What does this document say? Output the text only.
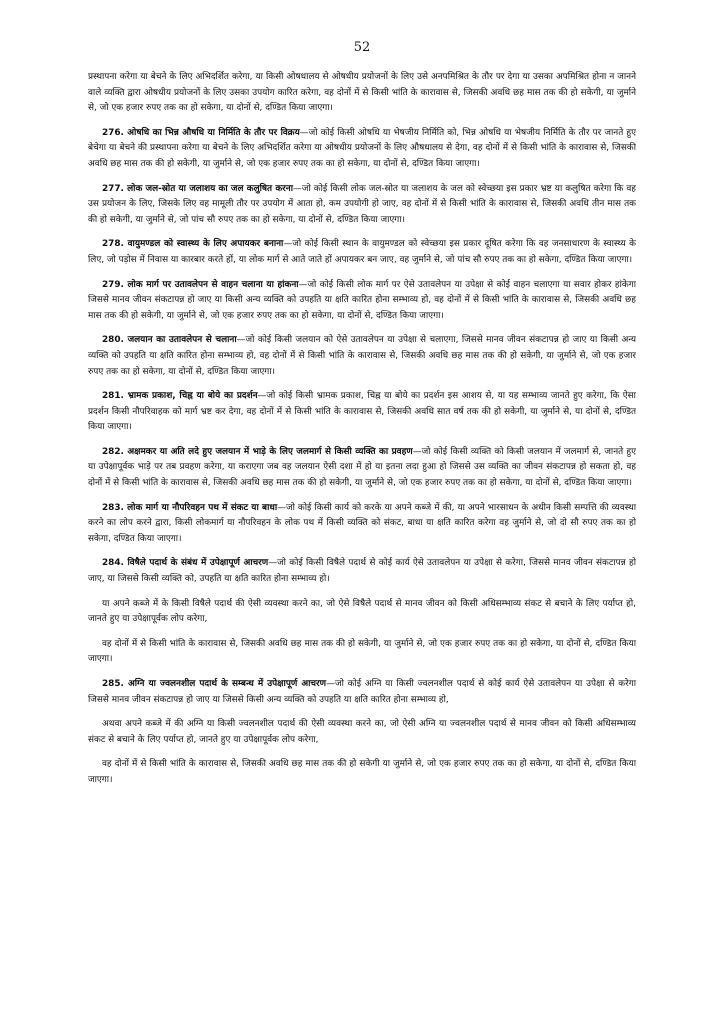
52

प्रस्थापना करेगा या बेचने के लिए अभिदर्शित करेगा, या किसी ओषधालय से ओषधीय प्रयोजनों के लिए उसे अनपमिश्रित के तौर पर देगा या उसका अपमिश्रित होना न जानने वाले व्यक्ति द्वारा ओषधीय प्रयोजनों के लिए उसका उपयोग कारित करेगा, वह दोनों में से किसी भांति के कारावास से, जिसकी अवधि छह मास तक की हो सकेगी, या जुर्माने से, जो एक हजार रुपए तक का हो सकेगा, या दोनों से, दण्डित किया जाएगा।

276. ओषधि का भिन्न औषधि या निर्मिति के तौर पर विक्रय—जो कोई किसी ओषधि या भेषजीय निर्मिति को, भिन्न ओषधि या भेषजीय निर्मिति के तौर पर जानते हुए बेचेगा या बेचने की प्रस्थापना करेगा या बेचने के लिए अभिदर्शित करेगा या ओषधीय प्रयोजनों के लिए औषधालय से देगा, वह दोनों में से किसी भांति के कारावास से, जिसकी अवधि छह मास तक की हो सकेगी, या जुर्माने से, जो एक हजार रुपए तक का हो सकेगा, या दोनों से, दण्डित किया जाएगा।

277. लोक जल-स्रोत या जलाशय का जल कलुषित करना—जो कोई किसी लोक जल-स्रोत या जलाशय के जल को स्वेच्छया इस प्रकार भ्रष्ट या कलुषित करेगा कि वह उस प्रयोजन के लिए, जिसके लिए वह मामूली तौर पर उपयोग में आता हो, कम उपयोगी हो जाए, वह दोनों में से किसी भांति के कारावास से, जिसकी अवधि तीन मास तक की हो सकेगी, या जुर्माने से, जो पांच सौ रुपए तक का हो सकेगा, या दोनों से, दण्डित किया जाएगा।

278. वायुमण्डल को स्वास्थ्य के लिए अपायकर बनाना—जो कोई किसी स्थान के वायुमण्डल को स्वेच्छया इस प्रकार दूषित करेगा कि वह जनसाधारण के स्वास्थ्य के लिए, जो पड़ोस में निवास या कारबार करते हों, या लोक मार्ग से आते जाते हों अपायकर बन जाए, वह जुर्माने से, जो पांच सौ रुपए तक का हो सकेगा, दण्डित किया जाएगा।

279. लोक मार्ग पर उतावलेपन से वाहन चलाना या हांकना—जो कोई किसी लोक मार्ग पर ऐसे उतावलेपन या उपेक्षा से कोई वाहन चलाएगा या सवार होकर हांकेगा जिससे मानव जीवन संकटापन्न हो जाए या किसी अन्य व्यक्ति को उपहति या क्षति कारित होना सम्भाव्य हो, वह दोनों में से किसी भांति के कारावास से, जिसकी अवधि छह मास तक की हो सकेगी, या जुर्माने से, जो एक हजार रुपए तक का हो सकेगा, या दोनों से, दण्डित किया जाएगा।

280. जलयान का उतावलेपन से चलाना—जो कोई किसी जलयान को ऐसे उतावलेपन या उपेक्षा से चलाएगा, जिससे मानव जीवन संकटापन्न हो जाए या किसी अन्य व्यक्ति को उपहति या क्षति कारित होना सम्भाव्य हो, वह दोनों में से किसी भांति के कारावास से, जिसकी अवधि छह मास तक की हो सकेगी, या जुर्माने से, जो एक हजार रुपए तक का हो सकेगा, या दोनों से, दण्डित किया जाएगा।

281. भ्रामक प्रकाश, चिह्न या बोये का प्रदर्शन—जो कोई किसी भ्रामक प्रकाश, चिह्न या बोये का प्रदर्शन इस आशय से, या यह सम्भाव्य जानते हुए करेगा, कि ऐसा प्रदर्शन किसी नौपरिवाहक को मार्ग भ्रष्ट कर देगा, वह दोनों में से किसी भांति के कारावास से, जिसकी अवधि सात वर्ष तक की हो सकेगी, या जुर्माने से, या दोनों से, दण्डित किया जाएगा।

282. अक्षमकर या अति लदे हुए जलयान में भाड़े के लिए जलमार्ग से किसी व्यक्ति का प्रवहण—जो कोई किसी व्यक्ति को किसी जलयान में जलमार्ग से, जानते हुए या उपेक्षापूर्वक भाड़े पर तब प्रवहण करेगा, या कराएगा जब वह जलयान ऐसी दशा में हो या इतना लदा हुआ हो जिससे उस व्यक्ति का जीवन संकटापन्न हो सकता हो, वह दोनों में से किसी भांति के कारावास से, जिसकी अवधि छह मास तक की हो सकेगी, या जुर्माने से, जो एक हजार रुपए तक का हो सकेगा, या दोनों से, दण्डित किया जाएगा।

283. लोक मार्ग या नौपरिवहन पथ में संकट या बाधा—जो कोई किसी कार्य को करके या अपने कब्जे में की, या अपने भारसाधन के अधीन किसी सम्पत्ति की व्यवस्था करने का लोप करने द्वारा, किसी लोकमार्ग या नौपरिवहन के लोक पथ में किसी व्यक्ति को संकट, बाधा या क्षति कारित करेगा वह जुर्माने से, जो दो सौ रुपए तक का हो सकेगा, दण्डित किया जाएगा।

284. विषैले पदार्थ के संबंध में उपेक्षापूर्ण आचरण—जो कोई किसी विषैले पदार्थ से कोई कार्य ऐसे उतावलेपन या उपेक्षा से करेगा, जिससे मानव जीवन संकटापन्न हो जाए, या जिससे किसी व्यक्ति को, उपहति या क्षति कारित होना सम्भाव्य हो।

या अपने कब्जे में के किसी विषैले पदार्थ की ऐसी व्यवस्था करने का, जो ऐसे विषैले पदार्थ से मानव जीवन को किसी अधिसम्भाव्य संकट से बचाने के लिए पर्याप्त हो, जानते हुए या उपेक्षापूर्वक लोप करेगा,

वह दोनों में से किसी भांति के कारावास से, जिसकी अवधि छह मास तक की हो सकेगी, या जुर्माने से, जो एक हजार रुपए तक का हो सकेगा, या दोनों से, दण्डित किया जाएगा।

285. अग्नि या ज्वलनशील पदार्थ के सम्बन्ध में उपेक्षापूर्ण आचरण—जो कोई अग्नि या किसी ज्वलनशील पदार्थ से कोई कार्य ऐसे उतावलेपन या उपेक्षा से करेगा जिससे मानव जीवन संकटापन्न हो जाए या जिससे किसी अन्य व्यक्ति को उपहति या क्षति कारित होना सम्भाव्य हो,

अथवा अपने कब्जे में की अग्नि या किसी ज्वलनशील पदार्थ की ऐसी व्यवस्था करने का, जो ऐसी अग्नि या ज्वलनशील पदार्थ से मानव जीवन को किसी अधिसम्भाव्य संकट से बचाने के लिए पर्याप्त हो, जानते हुए या उपेक्षापूर्वक लोप करेगा,

वह दोनों में से किसी भांति के कारावास से, जिसकी अवधि छह मास तक की हो सकेगी या जुर्माने से, जो एक हजार रुपए तक का हो सकेगा, या दोनों से, दण्डित किया जाएगा।
